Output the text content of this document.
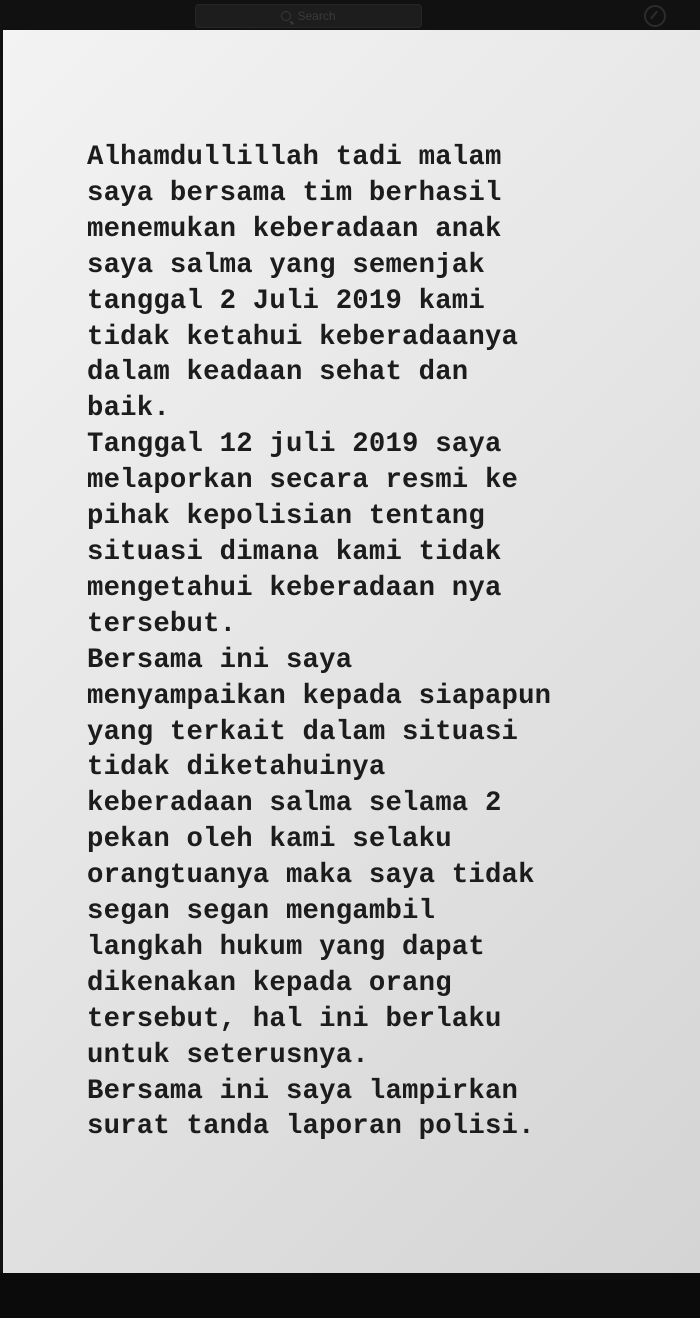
Search

Alhamdullillah tadi malam
saya bersama tim berhasil
menemukan keberadaan anak
saya salma yang semenjak
tanggal 2 Juli 2019 kami
tidak ketahui keberadaanya
dalam keadaan sehat dan
baik.
Tanggal 12 juli 2019 saya
melaporkan secara resmi ke
pihak kepolisian tentang
situasi dimana kami tidak
mengetahui keberadaan nya
tersebut.
Bersama ini saya
menyampaikan kepada siapapun
yang terkait dalam situasi
tidak diketahuinya
keberadaan salma selama 2
pekan oleh kami selaku
orangtuanya maka saya tidak
segan segan mengambil
langkah hukum yang dapat
dikenakan kepada orang
tersebut, hal ini berlaku
untuk seterusnya.
Bersama ini saya lampirkan
surat tanda laporan polisi.
